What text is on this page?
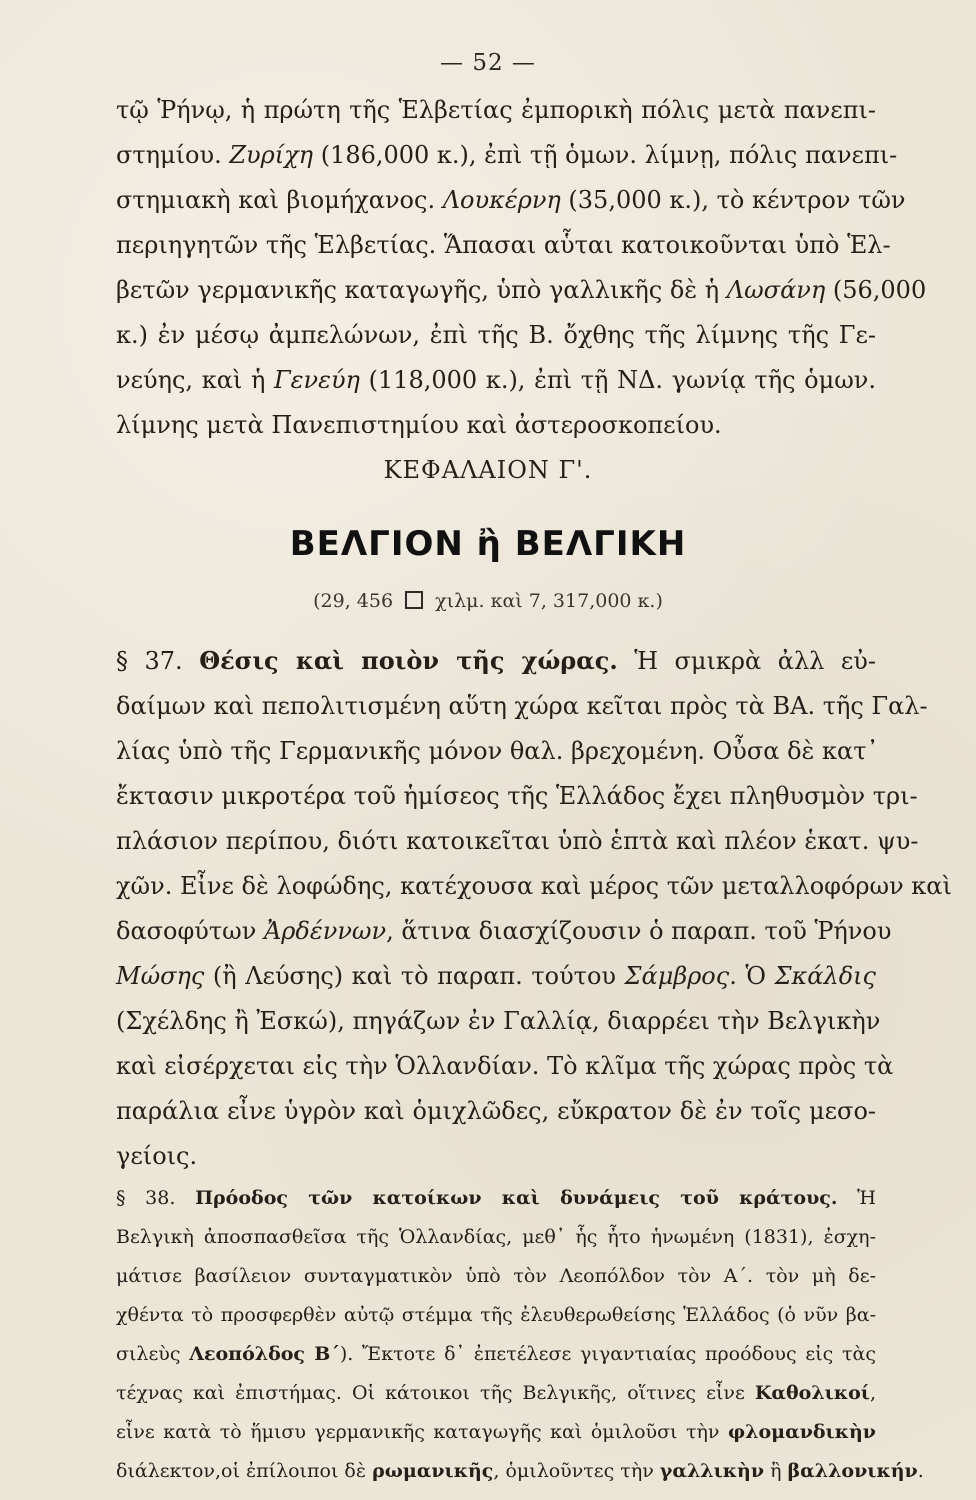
— 52 —
τῷ Ῥήνῳ, ἡ πρώτη τῆς Ἑλβετίας ἐμπορικὴ πόλις μετὰ πανεπι-
στημίου. Ζυρίχη (186,000 κ.), ἐπὶ τῇ ὁμων. λίμνῃ, πόλις πανεπι-
στημιακὴ καὶ βιομήχανος. Λουκέρνη (35,000 κ.), τὸ κέντρον τῶν
περιηγητῶν τῆς Ἑλβετίας. Ἅπασαι αὗται κατοικοῦνται ὑπὸ Ἑλ-
βετῶν γερμανικῆς καταγωγῆς, ὑπὸ γαλλικῆς δὲ ἡ Λωσάνη (56,000
κ.) ἐν μέσῳ ἀμπελώνων, ἐπὶ τῆς Β. ὄχθης τῆς λίμνης τῆς Γε-
νεύης, καὶ ἡ Γενεύη (118,000 κ.), ἐπὶ τῇ ΝΔ. γωνίᾳ τῆς ὁμων.
λίμνης μετὰ Πανεπιστημίου καὶ ἀστεροσκοπείου.
ΚΕΦΑΛΑΙΟΝ Γ'.
ΒΕΛΓΙΟΝ ἢ ΒΕΛΓΙΚΗ
(29, 456 χιλμ. καὶ 7, 317,000 κ.)
§ 37. Θέσις καὶ ποιὸν τῆς χώρας. Ἡ σμικρὰ ἀλλ εὐ-
δαίμων καὶ πεπολιτισμένη αὕτη χώρα κεῖται πρὸς τὰ ΒΑ. τῆς Γαλ-
λίας ὑπὸ τῆς Γερμανικῆς μόνον θαλ. βρεχομένη. Οὖσα δὲ κατ᾽
ἔκτασιν μικροτέρα τοῦ ἡμίσεος τῆς Ἑλλάδος ἔχει πληθυσμὸν τρι-
πλάσιον περίπου, διότι κατοικεῖται ὑπὸ ἑπτὰ καὶ πλέον ἑκατ. ψυ-
χῶν. Εἶνε δὲ λοφώδης, κατέχουσα καὶ μέρος τῶν μεταλλοφόρων καὶ
δασοφύτων Ἀρδέννων, ἅτινα διασχίζουσιν ὁ παραπ. τοῦ Ῥήνου
Μώσης (ἢ Λεύσης) καὶ τὸ παραπ. τούτου Σάμβρος. Ὁ Σκάλδις
(Σχέλδης ἢ Ἐσκώ), πηγάζων ἐν Γαλλίᾳ, διαρρέει τὴν Βελγικὴν
καὶ εἰσέρχεται εἰς τὴν Ὁλλανδίαν. Τὸ κλῖμα τῆς χώρας πρὸς τὰ
παράλια εἶνε ὑγρὸν καὶ ὁμιχλῶδες, εὔκρατον δὲ ἐν τοῖς μεσο-
γείοις.
§ 38. Πρόοδος τῶν κατοίκων καὶ δυνάμεις τοῦ κράτους. Ἡ
Βελγικὴ ἀποσπασθεῖσα τῆς Ὁλλανδίας, μεθ᾽ ἧς ἦτο ἡνωμένη (1831), ἐσχη-
μάτισε βασίλειον συνταγματικὸν ὑπὸ τὸν Λεοπόλδον τὸν Α΄. τὸν μὴ δε-
χθέντα τὸ προσφερθὲν αὐτῷ στέμμα τῆς ἐλευθερωθείσης Ἑλλάδος (ὁ νῦν βα-
σιλεὺς Λεοπόλδος Β΄). Ἔκτοτε δ᾽ ἐπετέλεσε γιγαντιαίας προόδους εἰς τὰς
τέχνας καὶ ἐπιστήμας. Οἱ κάτοικοι τῆς Βελγικῆς, οἵτινες εἶνε Καθολικοί,
εἶνε κατὰ τὸ ἥμισυ γερμανικῆς καταγωγῆς καὶ ὁμιλοῦσι τὴν φλομανδικὴν
διάλεκτον,οἱ ἐπίλοιποι δὲ ρωμανικῆς, ὁμιλοῦντες τὴν γαλλικὴν ἢ βαλλονικήν.
